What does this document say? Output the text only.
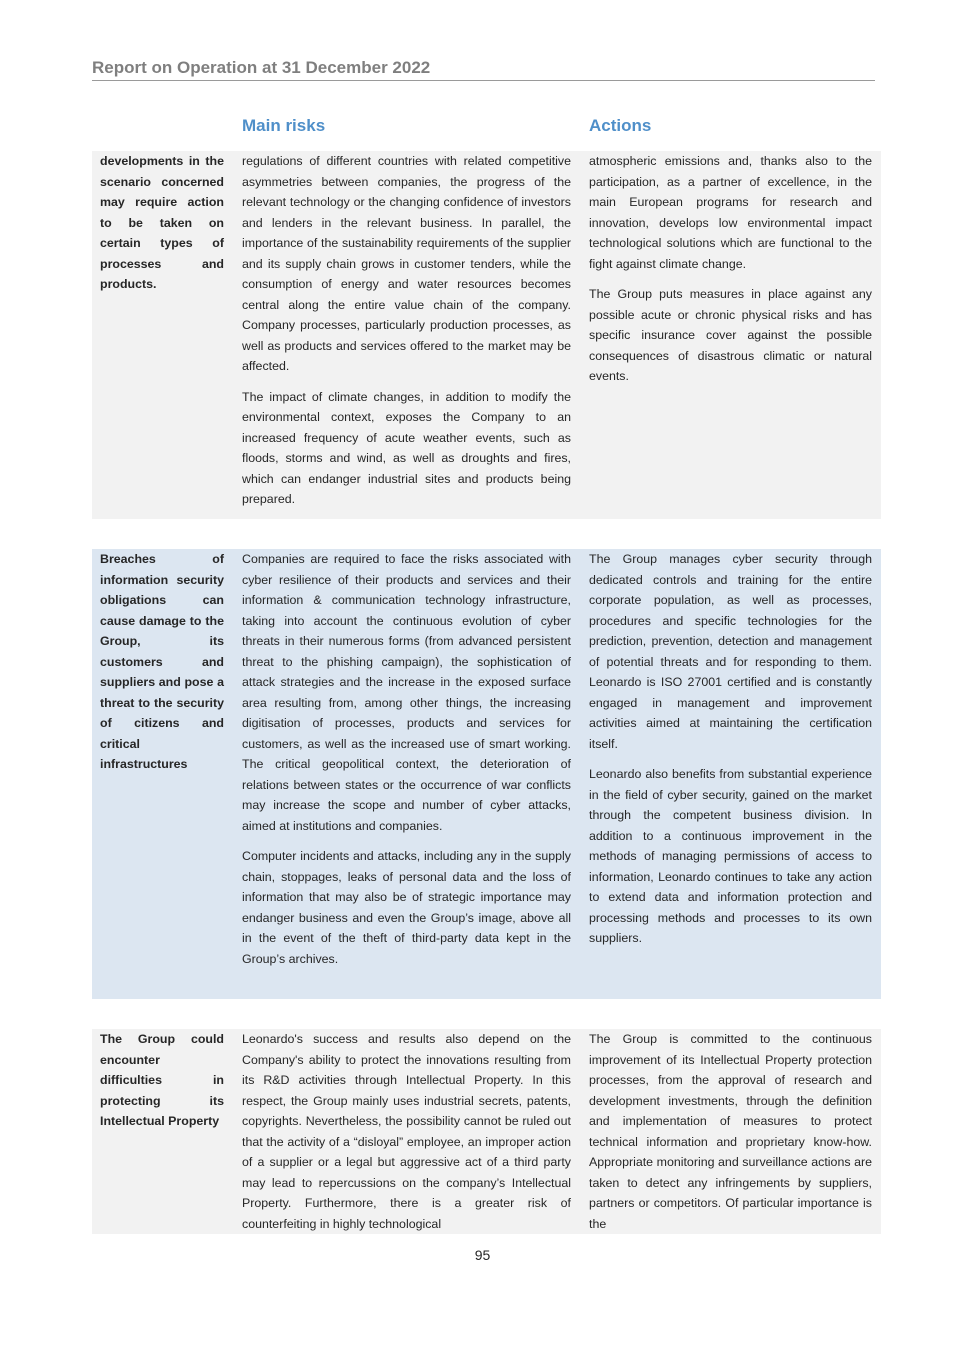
Report on Operation at 31 December 2022
Main risks	Actions
developments in the scenario concerned may require action to be taken on certain types of processes and products.

regulations of different countries with related competitive asymmetries between companies, the progress of the relevant technology or the changing confidence of investors and lenders in the relevant business. In parallel, the importance of the sustainability requirements of the supplier and its supply chain grows in customer tenders, while the consumption of energy and water resources becomes central along the entire value chain of the company. Company processes, particularly production processes, as well as products and services offered to the market may be affected.

The impact of climate changes, in addition to modify the environmental context, exposes the Company to an increased frequency of acute weather events, such as floods, storms and wind, as well as droughts and fires, which can endanger industrial sites and products being prepared.

atmospheric emissions and, thanks also to the participation, as a partner of excellence, in the main European programs for research and innovation, develops low environmental impact technological solutions which are functional to the fight against climate change.

The Group puts measures in place against any possible acute or chronic physical risks and has specific insurance cover against the possible consequences of disastrous climatic or natural events.

Breaches of information security obligations can cause damage to the Group, its customers and suppliers and pose a threat to the security of citizens and critical infrastructures

Companies are required to face the risks associated with cyber resilience of their products and services and their information & communication technology infrastructure, taking into account the continuous evolution of cyber threats in their numerous forms (from advanced persistent threat to the phishing campaign), the sophistication of attack strategies and the increase in the exposed surface area resulting from, among other things, the increasing digitisation of processes, products and services for customers, as well as the increased use of smart working. The critical geopolitical context, the deterioration of relations between states or the occurrence of war conflicts may increase the scope and number of cyber attacks, aimed at institutions and companies.

Computer incidents and attacks, including any in the supply chain, stoppages, leaks of personal data and the loss of information that may also be of strategic importance may endanger business and even the Group’s image, above all in the event of the theft of third-party data kept in the Group’s archives.

The Group manages cyber security through dedicated controls and training for the entire corporate population, as well as processes, procedures and specific technologies for the prediction, prevention, detection and management of potential threats and for responding to them. Leonardo is ISO 27001 certified and is constantly engaged in management and improvement activities aimed at maintaining the certification itself.

Leonardo also benefits from substantial experience in the field of cyber security, gained on the market through the competent business division. In addition to a continuous improvement in the methods of managing permissions of access to information, Leonardo continues to take any action to extend data and information protection and processing methods and processes to its own suppliers.

The Group could encounter difficulties in protecting its Intellectual Property

Leonardo's success and results also depend on the Company's ability to protect the innovations resulting from its R&D activities through Intellectual Property. In this respect, the Group mainly uses industrial secrets, patents, copyrights. Nevertheless, the possibility cannot be ruled out that the activity of a “disloyal” employee, an improper action of a supplier or a legal but aggressive act of a third party may lead to repercussions on the company’s Intellectual Property. Furthermore, there is a greater risk of counterfeiting in highly technological

The Group is committed to the continuous improvement of its Intellectual Property protection processes, from the approval of research and development investments, through the definition and implementation of measures to protect technical information and proprietary know-how. Appropriate monitoring and surveillance actions are taken to detect any infringements by suppliers, partners or competitors. Of particular importance is the

95
